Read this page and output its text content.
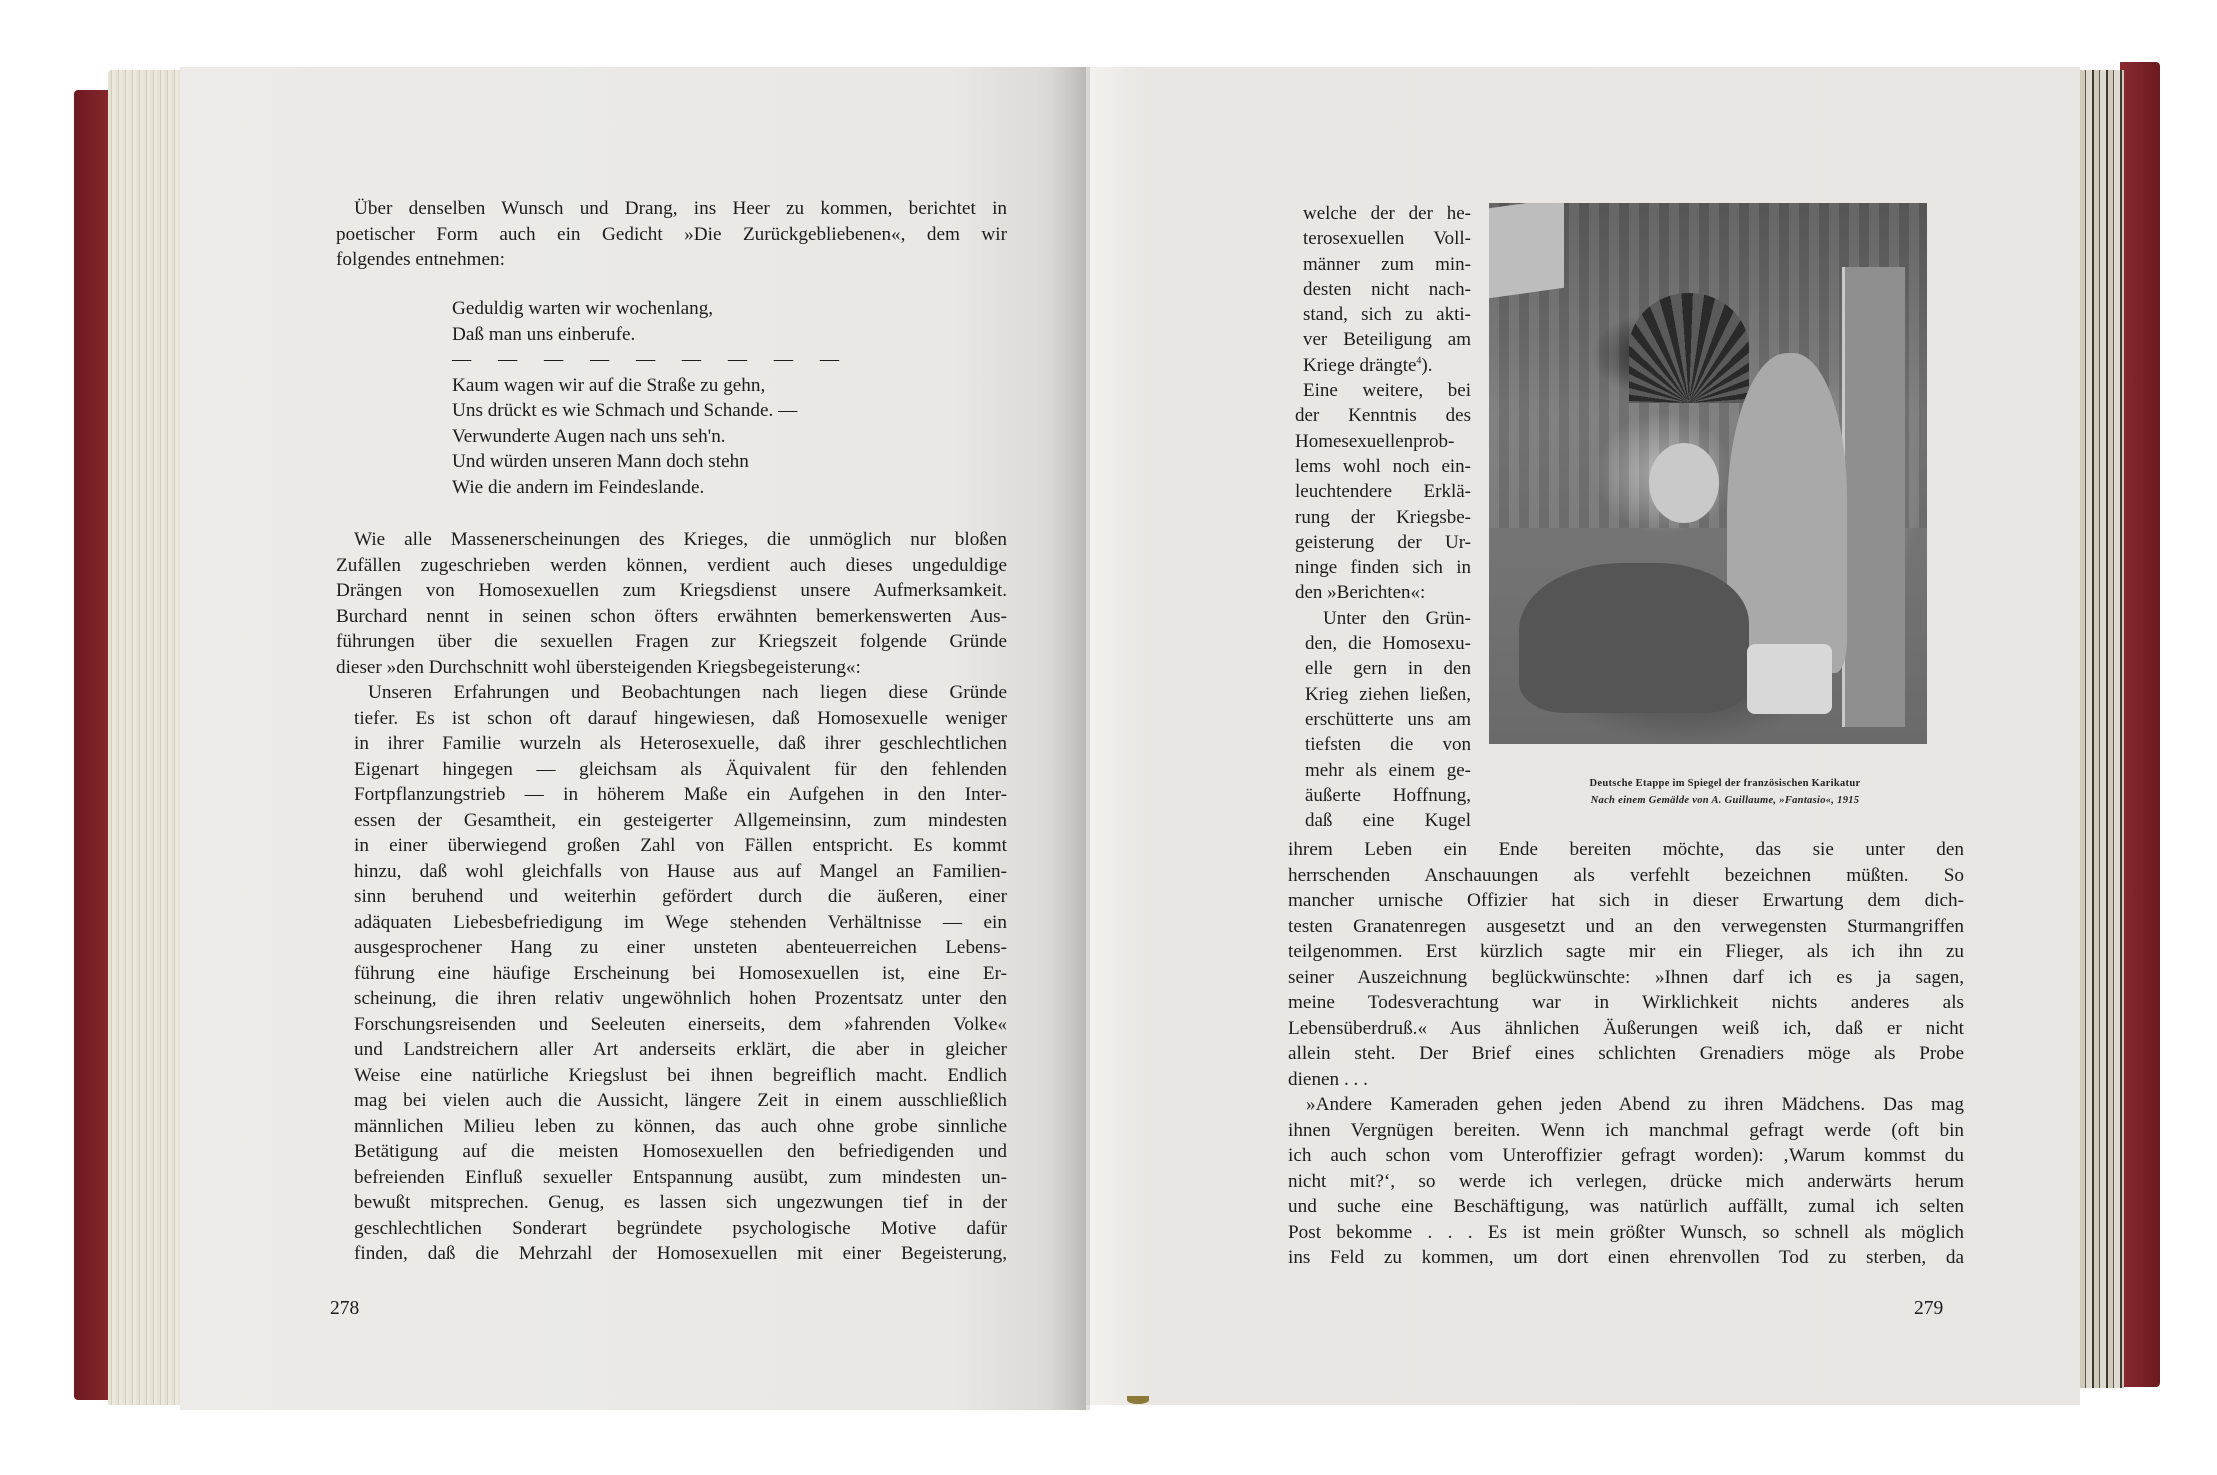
Über denselben Wunsch und Drang, ins Heer zu kommen, berichtet in
poetischer Form auch ein Gedicht »Die Zurückgebliebenen«, dem wir
folgendes entnehmen:
Geduldig warten wir wochenlang,
Daß man uns einberufe.
— — — — — — — — —
Kaum wagen wir auf die Straße zu gehn,
Uns drückt es wie Schmach und Schande. —
Verwunderte Augen nach uns seh'n.
Und würden unseren Mann doch stehn
Wie die andern im Feindeslande.
Wie alle Massenerscheinungen des Krieges, die unmöglich nur bloßen
Zufällen zugeschrieben werden können, verdient auch dieses ungeduldige
Drängen von Homosexuellen zum Kriegsdienst unsere Aufmerksamkeit.
Burchard nennt in seinen schon öfters erwähnten bemerkenswerten Aus-
führungen über die sexuellen Fragen zur Kriegszeit folgende Gründe
dieser »den Durchschnitt wohl übersteigenden Kriegsbegeisterung«:
Unseren Erfahrungen und Beobachtungen nach liegen diese Gründe
tiefer. Es ist schon oft darauf hingewiesen, daß Homosexuelle weniger
in ihrer Familie wurzeln als Heterosexuelle, daß ihrer geschlechtlichen
Eigenart hingegen — gleichsam als Äquivalent für den fehlenden
Fortpflanzungstrieb — in höherem Maße ein Aufgehen in den Inter-
essen der Gesamtheit, ein gesteigerter Allgemeinsinn, zum mindesten
in einer überwiegend großen Zahl von Fällen entspricht. Es kommt
hinzu, daß wohl gleichfalls von Hause aus auf Mangel an Familien-
sinn beruhend und weiterhin gefördert durch die äußeren, einer
adäquaten Liebesbefriedigung im Wege stehenden Verhältnisse — ein
ausgesprochener Hang zu einer unsteten abenteuerreichen Lebens-
führung eine häufige Erscheinung bei Homosexuellen ist, eine Er-
scheinung, die ihren relativ ungewöhnlich hohen Prozentsatz unter den
Forschungsreisenden und Seeleuten einerseits, dem »fahrenden Volke«
und Landstreichern aller Art anderseits erklärt, die aber in gleicher
Weise eine natürliche Kriegslust bei ihnen begreiflich macht. Endlich
mag bei vielen auch die Aussicht, längere Zeit in einem ausschließlich
männlichen Milieu leben zu können, das auch ohne grobe sinnliche
Betätigung auf die meisten Homosexuellen den befriedigenden und
befreienden Einfluß sexueller Entspannung ausübt, zum mindesten un-
bewußt mitsprechen. Genug, es lassen sich ungezwungen tief in der
geschlechtlichen Sonderart begründete psychologische Motive dafür
finden, daß die Mehrzahl der Homosexuellen mit einer Begeisterung,
278
welche der der he-
terosexuellen Voll-
männer zum min-
desten nicht nach-
stand, sich zu akti-
ver Beteiligung am
Kriege drängte$^4$).
Eine weitere, bei
der Kenntnis des
Homesexuellenprob-
lems wohl noch ein-
leuchtendere Erklä-
rung der Kriegsbe-
geisterung der Ur-
ninge finden sich in
den »Berichten«:
Unter den Grün-
den, die Homosexu-
elle gern in den
Krieg ziehen ließen,
erschütterte uns am
tiefsten die von
mehr als einem ge-
äußerte Hoffnung,
daß eine Kugel
Deutsche Etappe im Spiegel der französischen Karikatur
Nach einem Gemälde von A. Guillaume, »Fantasio«, 1915
ihrem Leben ein Ende bereiten möchte, das sie unter den
herrschenden Anschauungen als verfehlt bezeichnen müßten. So
mancher urnische Offizier hat sich in dieser Erwartung dem dich-
testen Granatenregen ausgesetzt und an den verwegensten Sturmangriffen
teilgenommen. Erst kürzlich sagte mir ein Flieger, als ich ihn zu
seiner Auszeichnung beglückwünschte: »Ihnen darf ich es ja sagen,
meine Todesverachtung war in Wirklichkeit nichts anderes als
Lebensüberdruß.« Aus ähnlichen Äußerungen weiß ich, daß er nicht
allein steht. Der Brief eines schlichten Grenadiers möge als Probe
dienen . . .
»Andere Kameraden gehen jeden Abend zu ihren Mädchens. Das mag
ihnen Vergnügen bereiten. Wenn ich manchmal gefragt werde (oft bin
ich auch schon vom Unteroffizier gefragt worden): ‚Warum kommst du
nicht mit?‘, so werde ich verlegen, drücke mich anderwärts herum
und suche eine Beschäftigung, was natürlich auffällt, zumal ich selten
Post bekomme . . . Es ist mein größter Wunsch, so schnell als möglich
ins Feld zu kommen, um dort einen ehrenvollen Tod zu sterben, da
279
